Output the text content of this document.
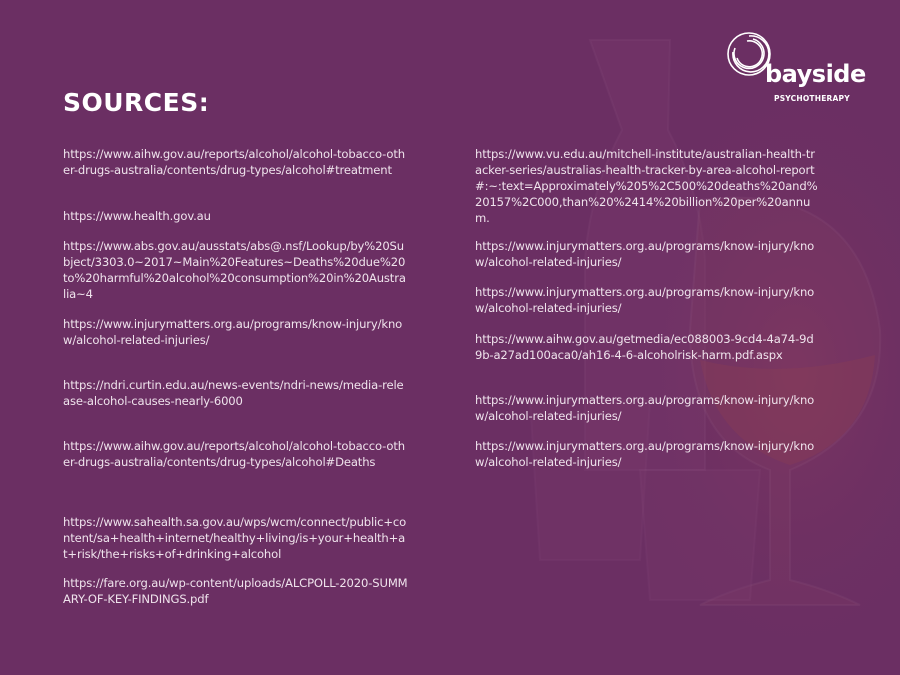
SOURCES:
bayside
PSYCHOTHERAPY

https://www.aihw.gov.au/reports/alcohol/alcohol-tobacco-other-drugs-australia/contents/drug-types/alcohol#treatment

https://www.health.gov.au

https://www.abs.gov.au/ausstats/abs@.nsf/Lookup/by%20Subject/3303.0~2017~Main%20Features~Deaths%20due%20to%20harmful%20alcohol%20consumption%20in%20Australia~4

https://www.injurymatters.org.au/programs/know-injury/know/alcohol-related-injuries/

https://ndri.curtin.edu.au/news-events/ndri-news/media-release-alcohol-causes-nearly-6000

https://www.aihw.gov.au/reports/alcohol/alcohol-tobacco-other-drugs-australia/contents/drug-types/alcohol#Deaths

https://www.sahealth.sa.gov.au/wps/wcm/connect/public+content/sa+health+internet/healthy+living/is+your+health+at+risk/the+risks+of+drinking+alcohol

https://fare.org.au/wp-content/uploads/ALCPOLL-2020-SUMMARY-OF-KEY-FINDINGS.pdf

https://www.vu.edu.au/mitchell-institute/australian-health-tracker-series/australias-health-tracker-by-area-alcohol-report#:~:text=Approximately%205%2C500%20deaths%20and%20157%2C000,than%20%2414%20billion%20per%20annum.

https://www.injurymatters.org.au/programs/know-injury/know/alcohol-related-injuries/

https://www.injurymatters.org.au/programs/know-injury/know/alcohol-related-injuries/

https://www.aihw.gov.au/getmedia/ec088003-9cd4-4a74-9d9b-a27ad100aca0/ah16-4-6-alcoholrisk-harm.pdf.aspx

https://www.injurymatters.org.au/programs/know-injury/know/alcohol-related-injuries/

https://www.injurymatters.org.au/programs/know-injury/know/alcohol-related-injuries/
